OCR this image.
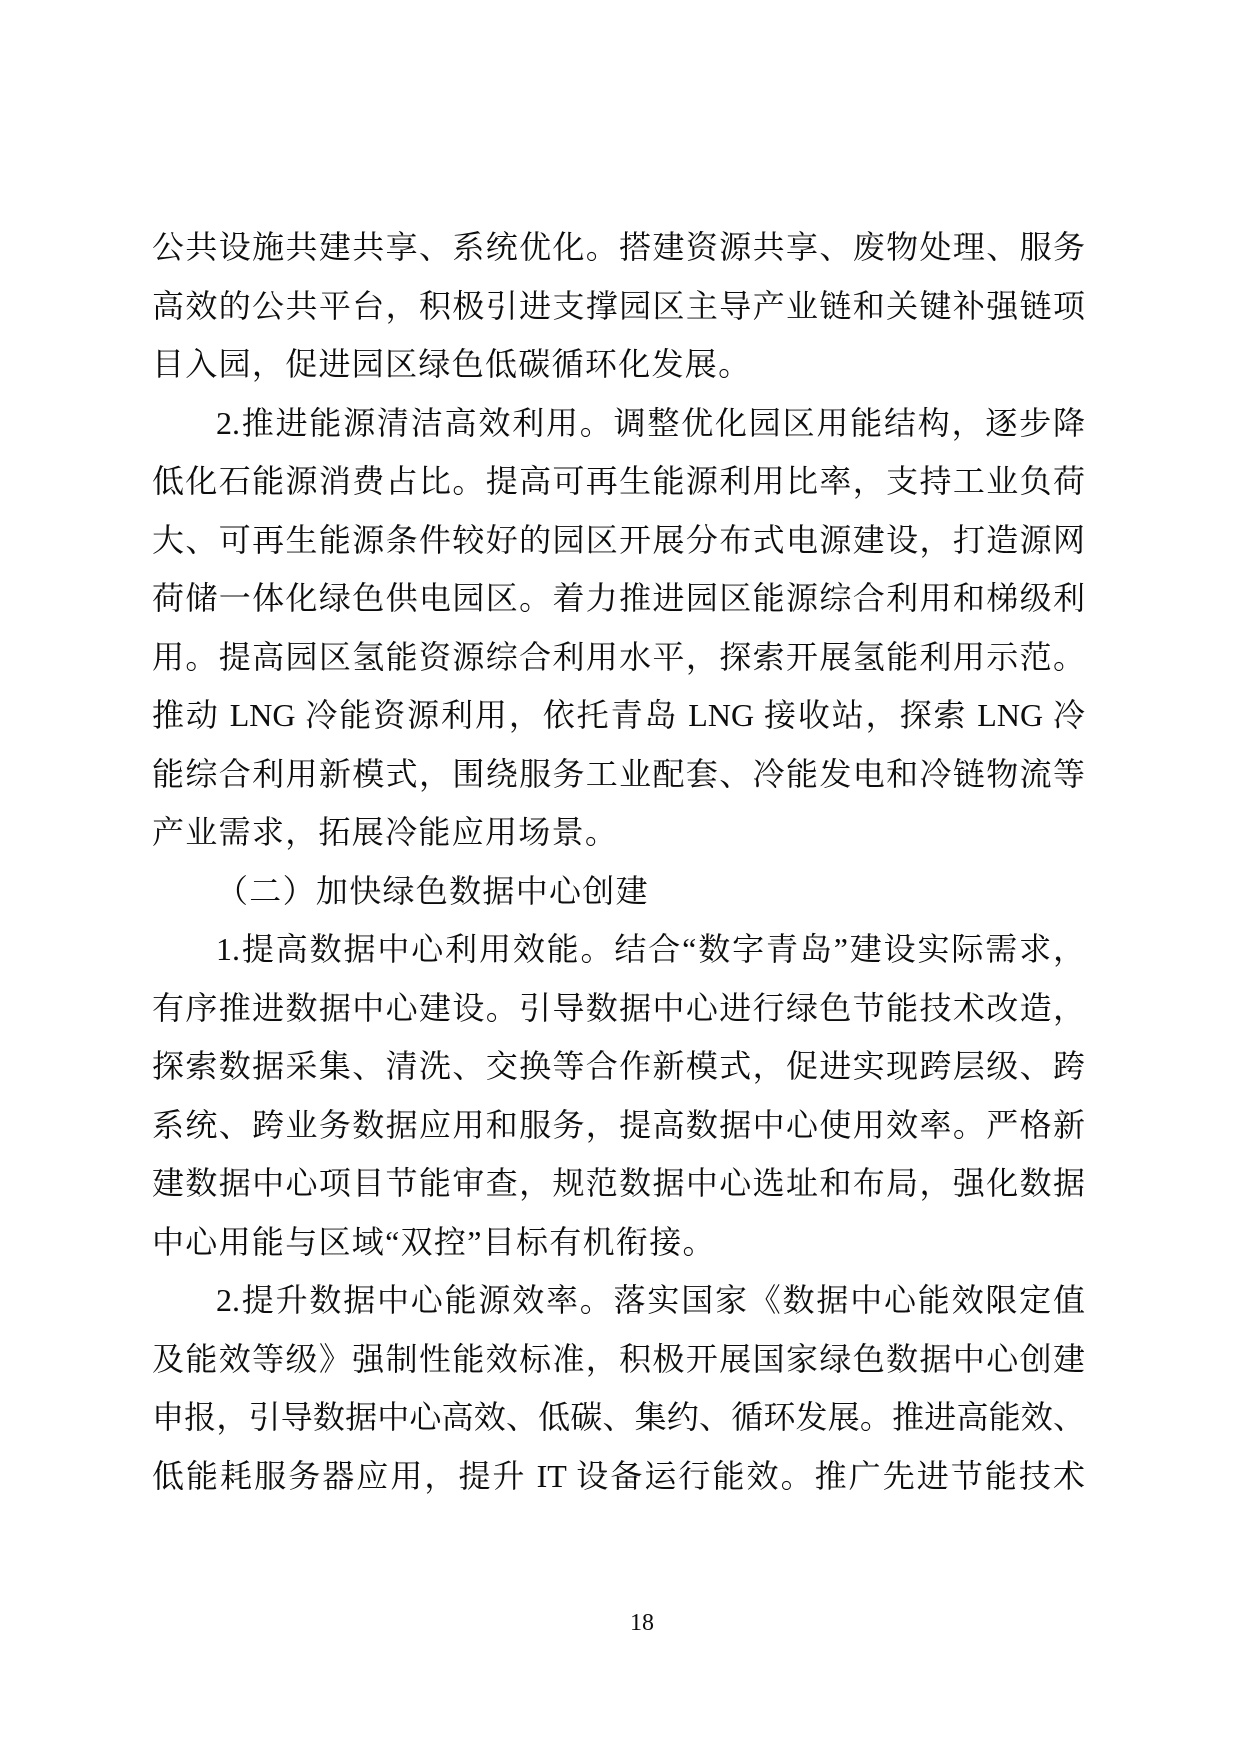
公共设施共建共享、系统优化。搭建资源共享、废物处理、服务
高效的公共平台，积极引进支撑园区主导产业链和关键补强链项
目入园，促进园区绿色低碳循环化发展。
2.推进能源清洁高效利用。调整优化园区用能结构，逐步降
低化石能源消费占比。提高可再生能源利用比率，支持工业负荷
大、可再生能源条件较好的园区开展分布式电源建设，打造源网
荷储一体化绿色供电园区。着力推进园区能源综合利用和梯级利
用。提高园区氢能资源综合利用水平，探索开展氢能利用示范。
推动 LNG 冷能资源利用，依托青岛 LNG 接收站，探索 LNG 冷
能综合利用新模式，围绕服务工业配套、冷能发电和冷链物流等
产业需求，拓展冷能应用场景。
（二）加快绿色数据中心创建
1.提高数据中心利用效能。结合“数字青岛”建设实际需求，
有序推进数据中心建设。引导数据中心进行绿色节能技术改造，
探索数据采集、清洗、交换等合作新模式，促进实现跨层级、跨
系统、跨业务数据应用和服务，提高数据中心使用效率。严格新
建数据中心项目节能审查，规范数据中心选址和布局，强化数据
中心用能与区域“双控”目标有机衔接。
2.提升数据中心能源效率。落实国家《数据中心能效限定值
及能效等级》强制性能效标准，积极开展国家绿色数据中心创建
申报，引导数据中心高效、低碳、集约、循环发展。推进高能效、
低能耗服务器应用，提升 IT 设备运行能效。推广先进节能技术
18
